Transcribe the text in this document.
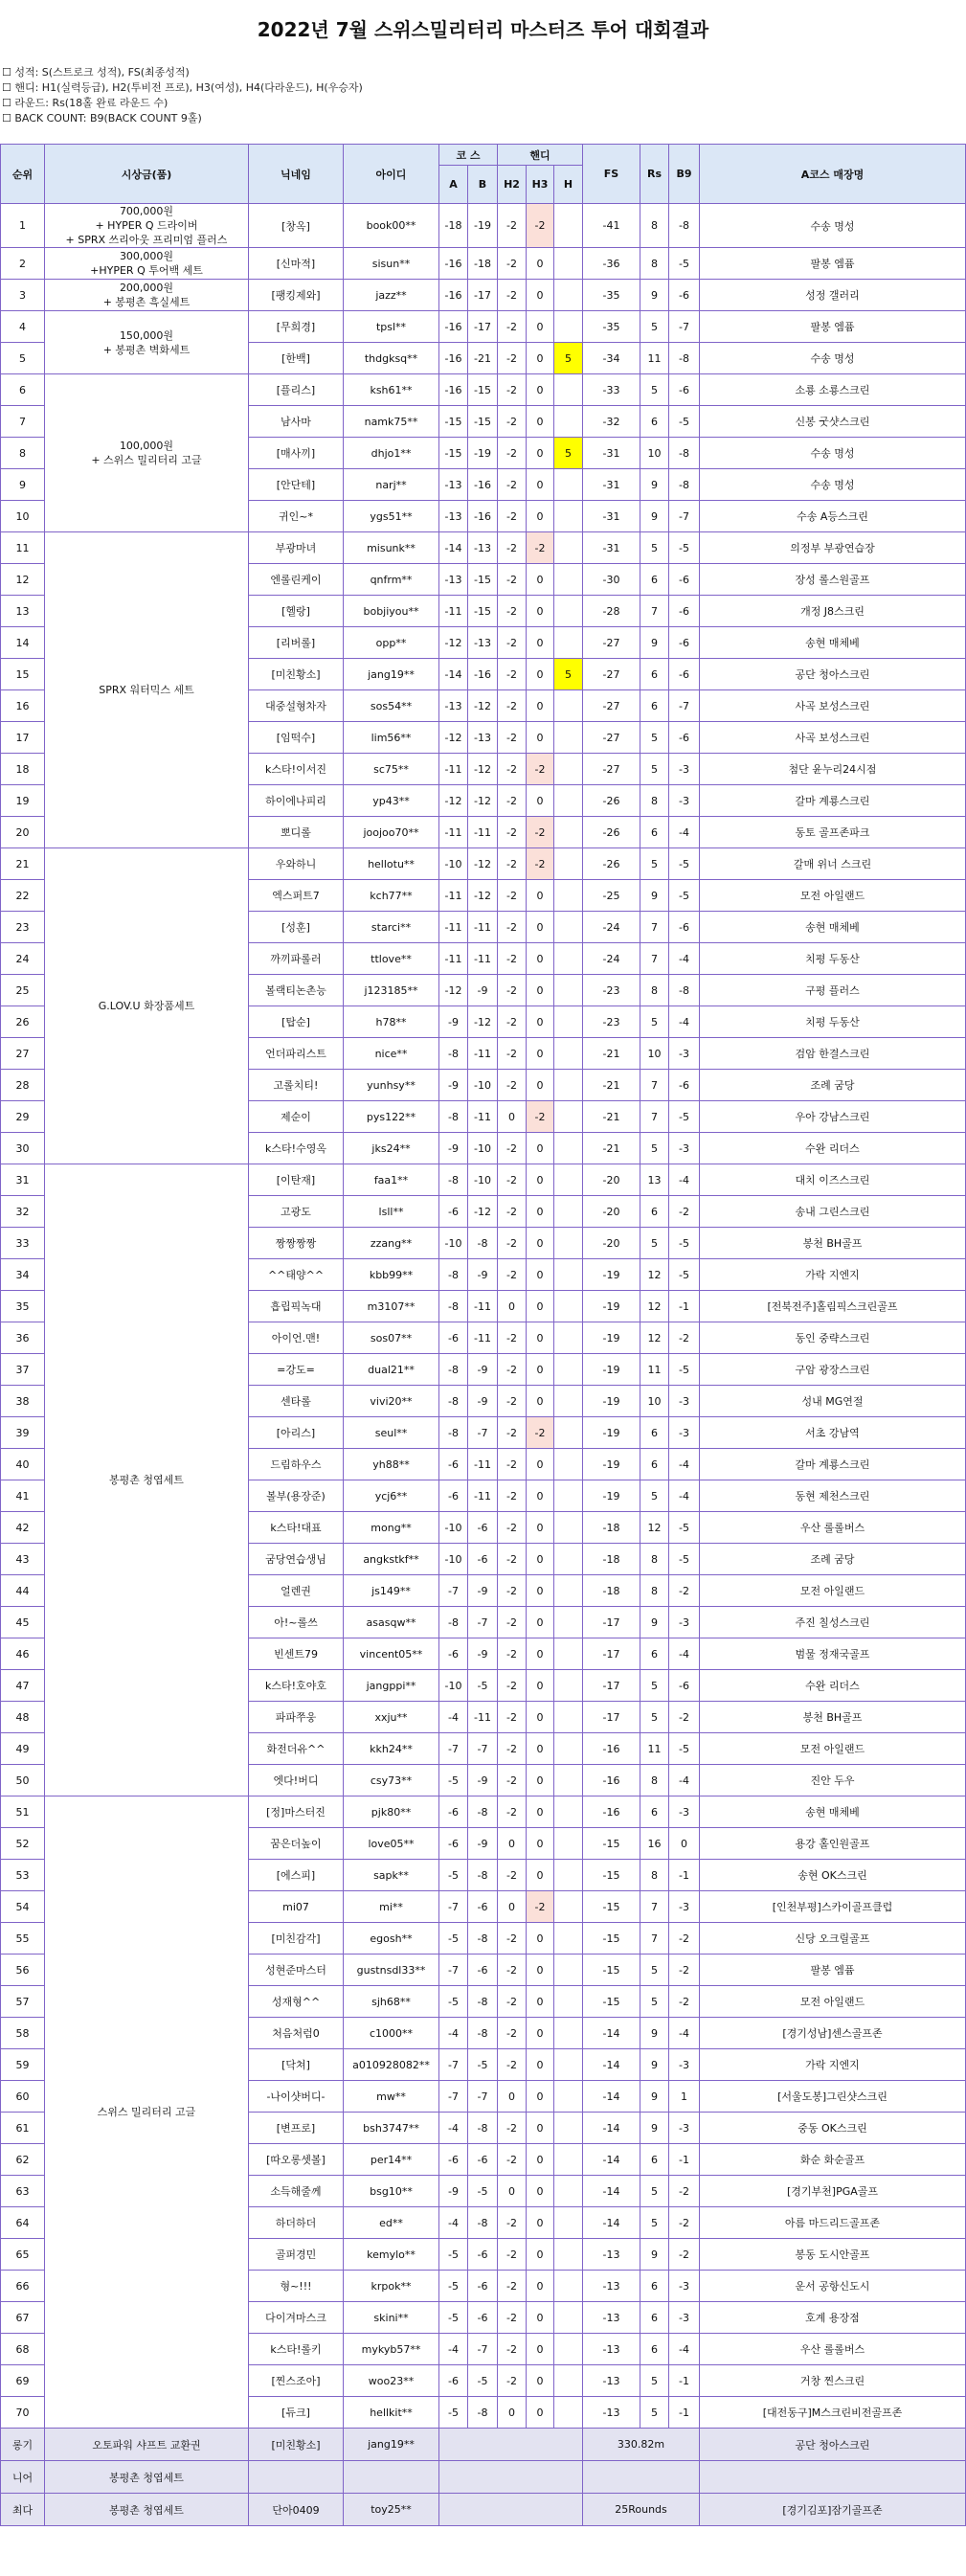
2022년 7월 스위스밀리터리 마스터즈 투어 대회결과
☐ 성적: S(스트로크 성적), FS(최종성적)
☐ 핸디: H1(실력등급), H2(투비전 프로), H3(여성), H4(다라운드), H(우승자)
☐ 라운드: Rs(18홀 완료 라운드 수)
☐ BACK COUNT: B9(BACK COUNT 9홀)
순위	시상금(품)	닉네임	아이디	코 스		핸디			FS	Rs	B9	A코스 매장명
				A	B	H2	H3	H				
1	700,000원
+ HYPER Q 드라이버
+ SPRX 쓰리아웃 프리미엄 플러스	[창옥]	book00**	-18	-19	-2	-2		-41	8	-8	수송 명성
2	300,000원
+HYPER Q 투어백 세트	[신마적]	sisun**	-16	-18	-2	0		-36	8	-5	팔봉 엠퓸
3	200,000원
+ 봉평촌 흑실세트	[팽킹제와]	jazz**	-16	-17	-2	0		-35	9	-6	성정 갤러리
4	150,000원
+ 봉평촌 벽화세트	[무희경]	tpsl**	-16	-17	-2	0		-35	5	-7	팔봉 엠퓸
5		[한백]	thdgksq**	-16	-21	-2	0	5	-34	11	-8	수송 명성
6	100,000원
+ 스위스 밀리터리 고글	[플리스]	ksh61**	-16	-15	-2	0		-33	5	-6	소룡 소룡스크린
7		남사마	namk75**	-15	-15	-2	0		-32	6	-5	신봉 굿샷스크린
8		[매사끼]	dhjo1**	-15	-19	-2	0	5	-31	10	-8	수송 명성
9		[안단테]	narj**	-13	-16	-2	0		-31	9	-8	수송 명성
10		귀인~*	ygs51**	-13	-16	-2	0		-31	9	-7	수송 A등스크린
11	SPRX 워터믹스 세트	부광마녀	misunk**	-14	-13	-2	-2		-31	5	-5	의정부 부광연습장
12		엔롤린케이	qnfrm**	-13	-15	-2	0		-30	6	-6	장성 롤스원골프
13		[헬랑]	bobjiyou**	-11	-15	-2	0		-28	7	-6	개정 J8스크린
14		[리버롤]	opp**	-12	-13	-2	0		-27	9	-6	송현 매체베
15		[미친황소]	jang19**	-14	-16	-2	0	5	-27	6	-6	공단 청아스크린
16		대중설형차자	sos54**	-13	-12	-2	0		-27	6	-7	사곡 보성스크린
17		[임떡수]	lim56**	-12	-13	-2	0		-27	5	-6	사곡 보성스크린
18		k스타!이서진	sc75**	-11	-12	-2	-2		-27	5	-3	첨단 윤누리24시점
19		하이에나피리	yp43**	-12	-12	-2	0		-26	8	-3	갈마 계룡스크린
20		뽀디롤	joojoo70**	-11	-11	-2	-2		-26	6	-4	동토 골프존파크
21	G.LOV.U 화장품세트	우와하니	hellotu**	-10	-12	-2	-2		-26	5	-5	갈매 위너 스크린
22		엑스퍼트7	kch77**	-11	-12	-2	0		-25	9	-5	모전 아일랜드
23		[성훈]	starci**	-11	-11	-2	0		-24	7	-6	송현 매체베
24		까끼파롤러	ttlove**	-11	-11	-2	0		-24	7	-4	치평 두동산
25		볼랙티논촌능	j123185**	-12	-9	-2	0		-23	8	-8	구평 플러스
26		[탑순]	h78**	-9	-12	-2	0		-23	5	-4	치평 두동산
27		언더파리스트	nice**	-8	-11	-2	0		-21	10	-3	검암 한결스크린
28		고롤치티!	yunhsy**	-9	-10	-2	0		-21	7	-6	조례 굼당
29		제순이	pys122**	-8	-11	0	-2		-21	7	-5	우아 강남스크린
30		k스타!수영옥	jks24**	-9	-10	-2	0		-21	5	-3	수완 리더스
31	봉평촌 청엽세트	[이탄재]	faa1**	-8	-10	-2	0		-20	13	-4	대치 이즈스크린
32		고광도	lsll**	-6	-12	-2	0		-20	6	-2	송내 그린스크린
33		짱짱짱짱	zzang**	-10	-8	-2	0		-20	5	-5	봉천 BH골프
34		^^태양^^	kbb99**	-8	-9	-2	0		-19	12	-5	가락 지엔지
35		흡립픽녹대	m3107**	-8	-11	0	0		-19	12	-1	[전북전주]홀림픽스크린골프
36		아이언.맨!	sos07**	-6	-11	-2	0		-19	12	-2	동인 중략스크린
37		=강도=	dual21**	-8	-9	-2	0		-19	11	-5	구암 광장스크린
38		센타롤	vivi20**	-8	-9	-2	0		-19	10	-3	성내 MG연절
39		[아리스]	seul**	-8	-7	-2	-2		-19	6	-3	서초 강남역
40		드림하우스	yh88**	-6	-11	-2	0		-19	6	-4	갈마 계룡스크린
41		볼부(용장준)	ycj6**	-6	-11	-2	0		-19	5	-4	동현 제천스크린
42		k스타!대표	mong**	-10	-6	-2	0		-18	12	-5	우산 롤롤버스
43		굼당연습생님	angkstkf**	-10	-6	-2	0		-18	8	-5	조례 굼당
44		얼렌권	js149**	-7	-9	-2	0		-18	8	-2	모전 아일랜드
45		아!~롤쓰	asasqw**	-8	-7	-2	0		-17	9	-3	주진 칠성스크린
46		빈센트79	vincent05**	-6	-9	-2	0		-17	6	-4	범물 정재국골프
47		k스타!호야호	jangppi**	-10	-5	-2	0		-17	5	-6	수완 리더스
48		파파쭈웅	xxju**	-4	-11	-2	0		-17	5	-2	봉천 BH골프
49		화전더유^^	kkh24**	-7	-7	-2	0		-16	11	-5	모전 아일랜드
50		엣다!버디	csy73**	-5	-9	-2	0		-16	8	-4	진안 두우
51	스위스 밀리터리 고글	[정]마스터진	pjk80**	-6	-8	-2	0		-16	6	-3	송현 매체베
52		꿈은더높이	love05**	-6	-9	0	0		-15	16	0	용강 홀인원골프
53		[에스피]	sapk**	-5	-8	-2	0		-15	8	-1	송현 OK스크린
54		mi07	mi**	-7	-6	0	-2		-15	7	-3	[인천부평]스카이골프클럽
55		[미친감각]	egosh**	-5	-8	-2	0		-15	7	-2	신당 오크릴골프
56		성현준마스터	gustnsdl33**	-7	-6	-2	0		-15	5	-2	팔봉 엠퓸
57		성재형^^	sjh68**	-5	-8	-2	0		-15	5	-2	모전 아일랜드
58		처음처럼0	c1000**	-4	-8	-2	0		-14	9	-4	[경기성남]센스골프존
59		[닥쳐]	a010928082**	-7	-5	-2	0		-14	9	-3	가락 지엔지
60		-나이샷버디-	mw**	-7	-7	0	0		-14	9	1	[서울도봉]그린샷스크린
61		[변프로]	bsh3747**	-4	-8	-2	0		-14	9	-3	중동 OK스크린
62		[따오롱셋볼]	per14**	-6	-6	-2	0		-14	6	-1	화순 화순골프
63		소득해줄께	bsg10**	-9	-5	0	0		-14	5	-2	[경기부천]PGA골프
64		하더하더	ed**	-4	-8	-2	0		-14	5	-2	아름 마드리드골프존
65		골퍼경민	kemylo**	-5	-6	-2	0		-13	9	-2	봉동 도시안골프
66		형~!!!	krpok**	-5	-6	-2	0		-13	6	-3	운서 공항신도시
67		다이겨마스크	skini**	-5	-6	-2	0		-13	6	-3	호계 용장점
68		k스타!롤키	mykyb57**	-4	-7	-2	0		-13	6	-4	우산 롤롤버스
69		[찐스조아]	woo23**	-6	-5	-2	0		-13	5	-1	거창 찐스크린
70		[듀크]	hellkit**	-5	-8	0	0		-13	5	-1	[대전동구]M스크린비전골프존
롱기	오토파워 샤프트 교환권	[미친황소]	jang19**						330.82m			공단 청아스크린
니어	봉평촌 청엽세트											
최다	봉평촌 청엽세트	단아0409	toy25**						25Rounds			[경기김포]잠기골프존
